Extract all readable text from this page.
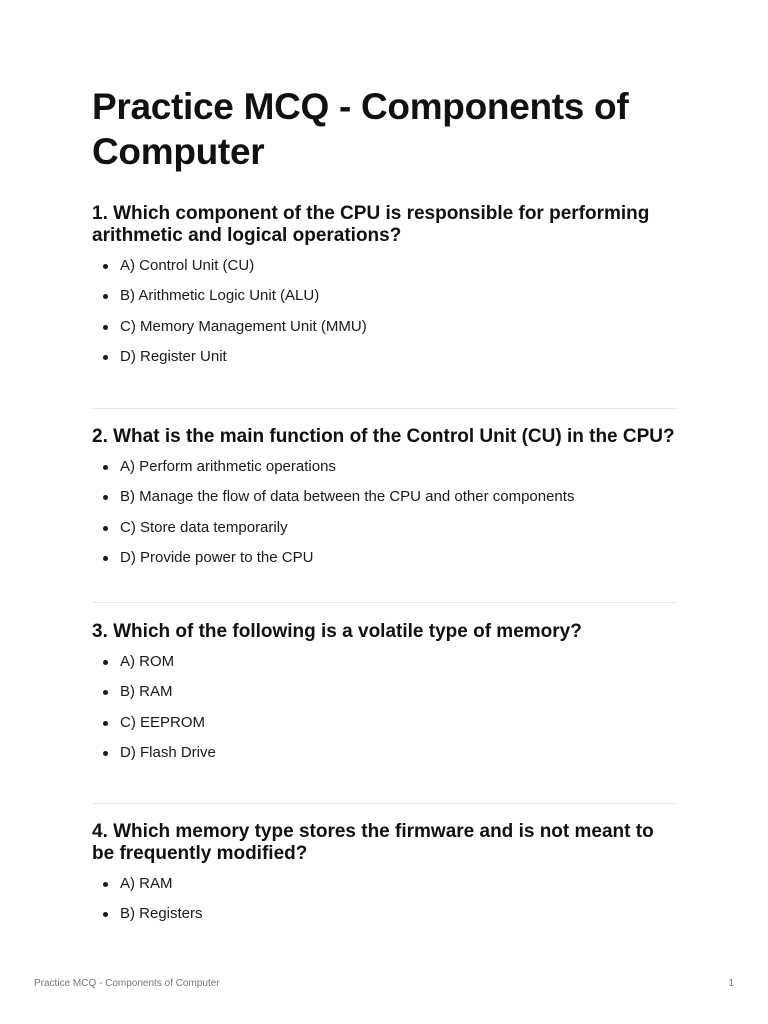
Practice MCQ - Components of Computer

1. Which component of the CPU is responsible for performing arithmetic and logical operations?

A) Control Unit (CU)
B) Arithmetic Logic Unit (ALU)
C) Memory Management Unit (MMU)
D) Register Unit

2. What is the main function of the Control Unit (CU) in the CPU?

A) Perform arithmetic operations
B) Manage the flow of data between the CPU and other components
C) Store data temporarily
D) Provide power to the CPU

3. Which of the following is a volatile type of memory?

A) ROM
B) RAM
C) EEPROM
D) Flash Drive

4. Which memory type stores the firmware and is not meant to be frequently modified?

A) RAM
B) Registers
Practice MCQ - Components of Computer	1
